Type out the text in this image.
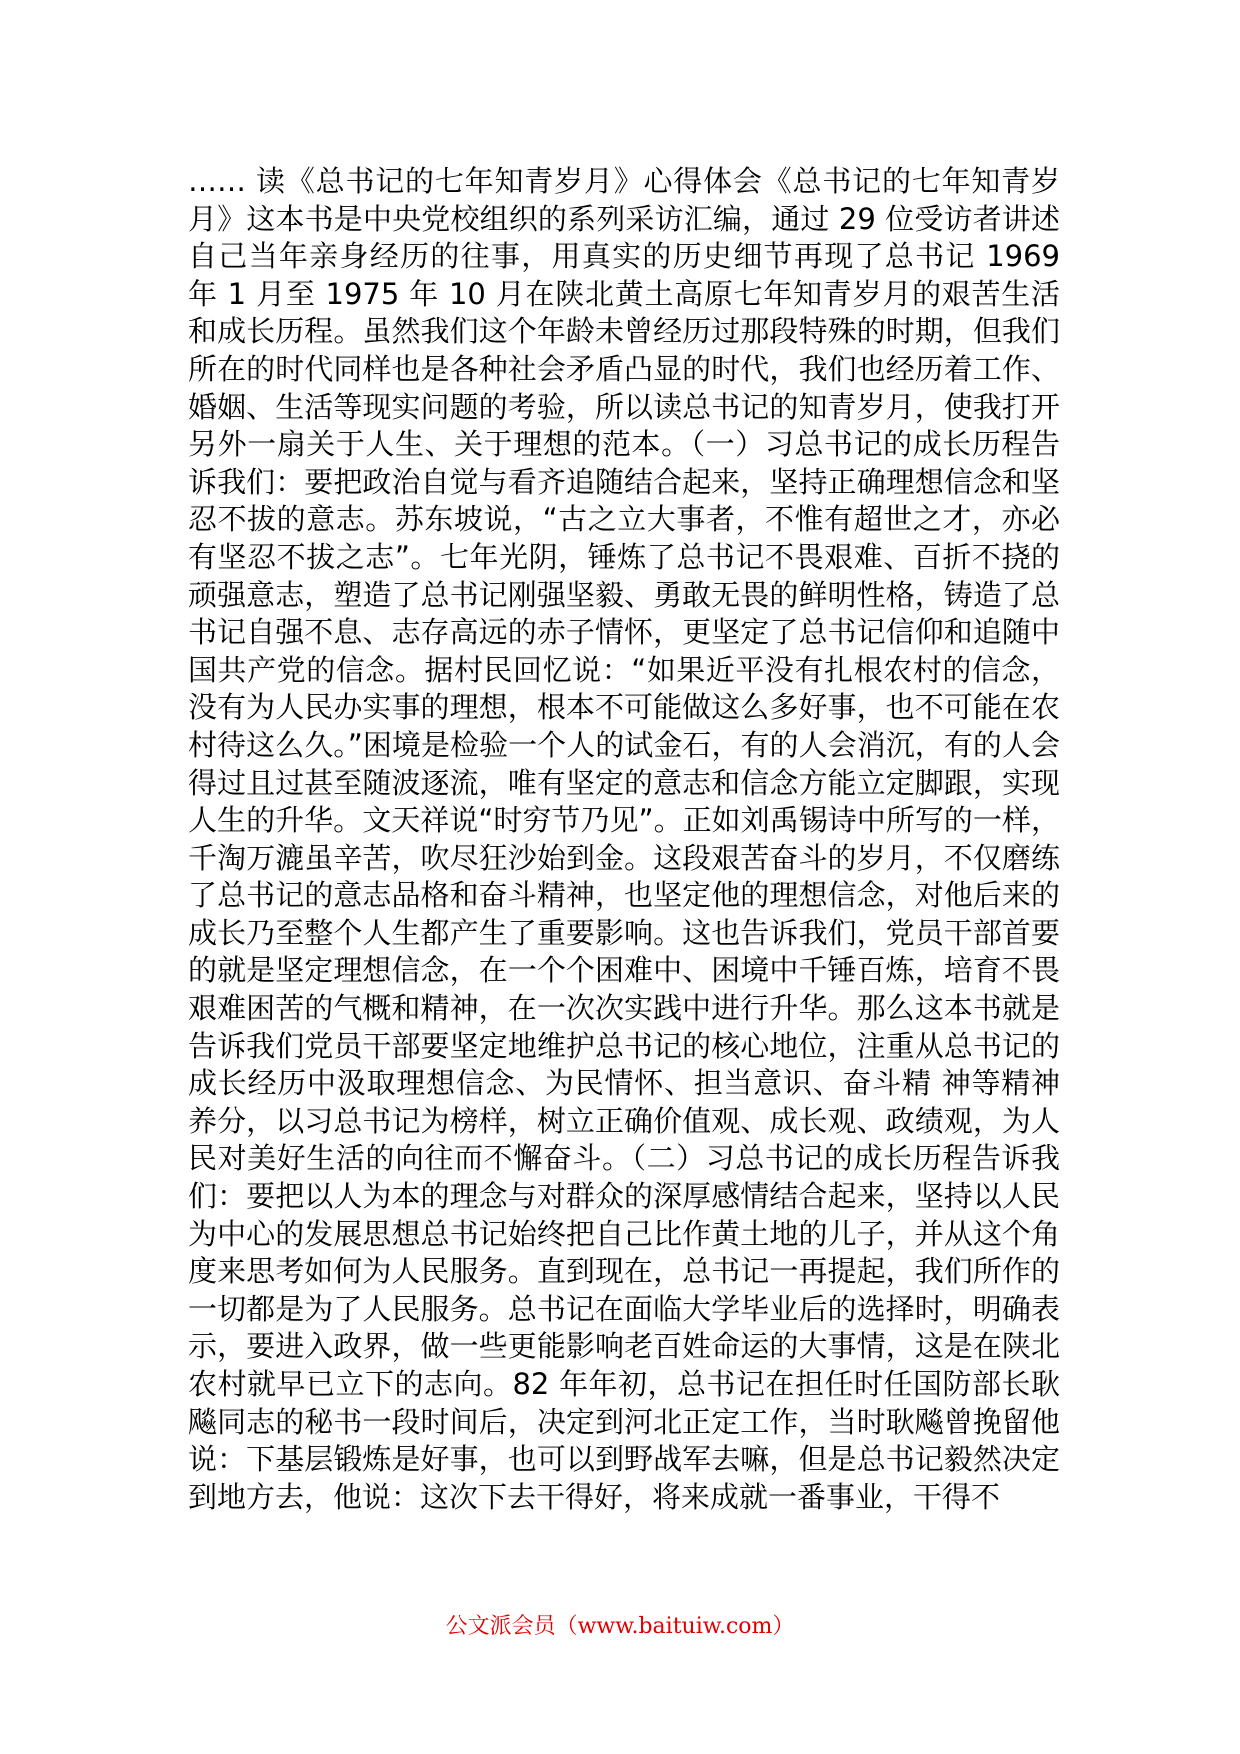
…… 读《总书记的七年知青岁月》心得体会《总书记的七年知青岁月》这本书是中央党校组织的系列采访汇编，通过 29 位受访者讲述自己当年亲身经历的往事，用真实的历史细节再现了总书记 1969 年 1 月至 1975 年 10 月在陕北黄土高原七年知青岁月的艰苦生活和成长历程。虽然我们这个年龄未曾经历过那段特殊的时期，但我们所在的时代同样也是各种社会矛盾凸显的时代，我们也经历着工作、婚姻、生活等现实问题的考验，所以读总书记的知青岁月，使我打开另外一扇关于人生、关于理想的范本。（一）习总书记的成长历程告诉我们：要把政治自觉与看齐追随结合起来，坚持正确理想信念和坚忍不拔的意志。苏东坡说，“古之立大事者，不惟有超世之才，亦必有坚忍不拔之志”。七年光阴，锤炼了总书记不畏艰难、百折不挠的顽强意志，塑造了总书记刚强坚毅、勇敢无畏的鲜明性格，铸造了总书记自强不息、志存高远的赤子情怀，更坚定了总书记信仰和追随中国共产党的信念。据村民回忆说：“如果近平没有扎根农村的信念，没有为人民办实事的理想，根本不可能做这么多好事，也不可能在农村待这么久。”困境是检验一个人的试金石，有的人会消沉，有的人会得过且过甚至随波逐流，唯有坚定的意志和信念方能立定脚跟，实现人生的升华。文天祥说“时穷节乃见”。正如刘禹锡诗中所写的一样，千淘万漉虽辛苦，吹尽狂沙始到金。这段艰苦奋斗的岁月，不仅磨练了总书记的意志品格和奋斗精神，也坚定他的理想信念，对他后来的成长乃至整个人生都产生了重要影响。这也告诉我们，党员干部首要的就是坚定理想信念，在一个个困难中、困境中千锤百炼，培育不畏艰难困苦的气概和精神，在一次次实践中进行升华。那么这本书就是告诉我们党员干部要坚定地维护总书记的核心地位，注重从总书记的成长经历中汲取理想信念、为民情怀、担当意识、奋斗精 神等精神养分，以习总书记为榜样，树立正确价值观、成长观、政绩观，为人民对美好生活的向往而不懈奋斗。（二）习总书记的成长历程告诉我们：要把以人为本的理念与对群众的深厚感情结合起来，坚持以人民为中心的发展思想总书记始终把自己比作黄土地的儿子，并从这个角度来思考如何为人民服务。直到现在，总书记一再提起，我们所作的一切都是为了人民服务。总书记在面临大学毕业后的选择时，明确表示，要进入政界，做一些更能影响老百姓命运的大事情，这是在陕北农村就早已立下的志向。82 年年初，总书记在担任时任国防部长耿飚同志的秘书一段时间后，决定到河北正定工作，当时耿飚曾挽留他说：下基层锻炼是好事，也可以到野战军去嘛，但是总书记毅然决定到地方去，他说：这次下去干得好，将来成就一番事业，干得不

公文派会员（www.baituiw.com）
